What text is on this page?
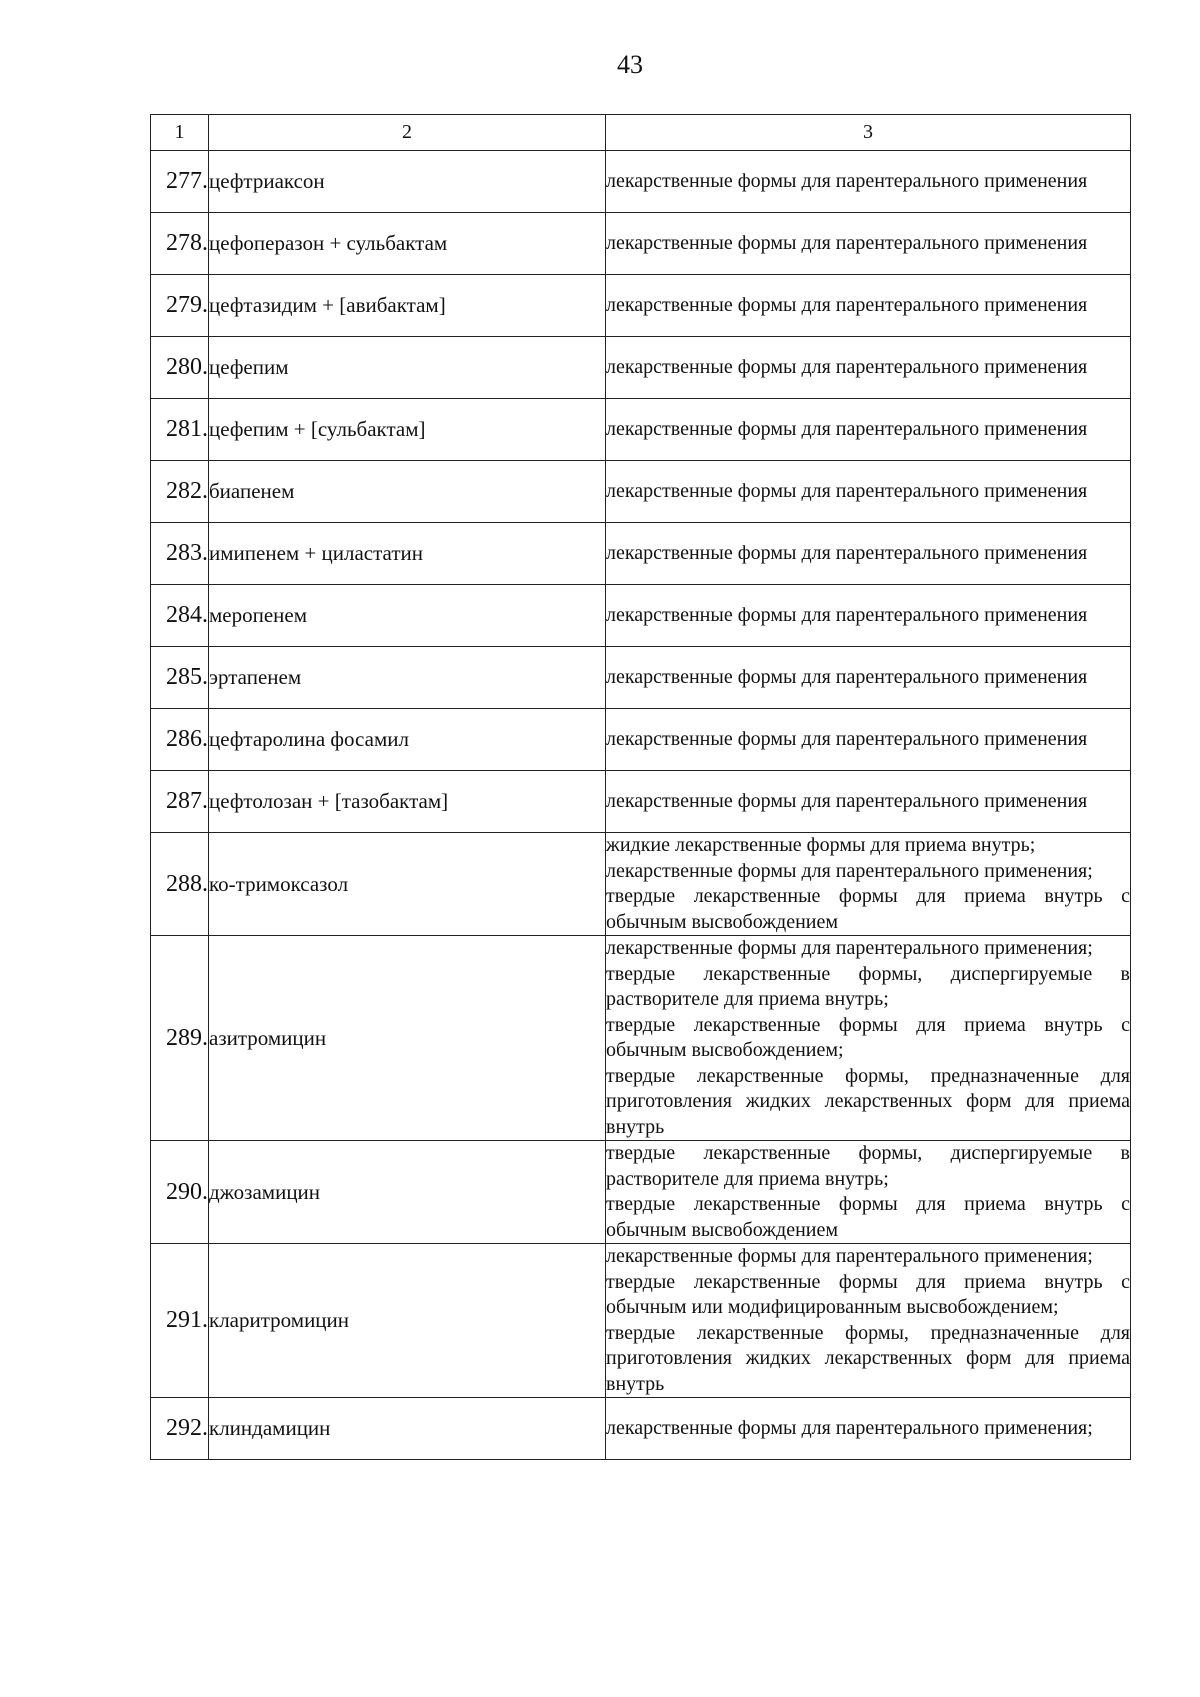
43
1	2	3
277.	цефтриаксон	лекарственные формы для парентерального применения

278.	цефоперазон + сульбактам	лекарственные формы для парентерального применения

279.	цефтазидим + [авибактам]	лекарственные формы для парентерального применения

280.	цефепим	лекарственные формы для парентерального применения

281.	цефепим + [сульбактам]	лекарственные формы для парентерального применения

282.	биапенем	лекарственные формы для парентерального применения

283.	имипенем + циластатин	лекарственные формы для парентерального применения

284.	меропенем	лекарственные формы для парентерального применения

285.	эртапенем	лекарственные формы для парентерального применения

286.	цефтаролина фосамил	лекарственные формы для парентерального применения

287.	цефтолозан + [тазобактам]	лекарственные формы для парентерального применения

288.	ко-тримоксазол	жидкие лекарственные формы для приема внутрь;
лекарственные формы для парентерального применения;
твердые лекарственные формы для приема внутрь с обычным высвобождением

289.	азитромицин	лекарственные формы для парентерального применения;
твердые лекарственные формы, диспергируемые в растворителе для приема внутрь;
твердые лекарственные формы для приема внутрь с обычным высвобождением;
твердые лекарственные формы, предназначенные для приготовления жидких лекарственных форм для приема внутрь

290.	джозамицин	твердые лекарственные формы, диспергируемые в растворителе для приема внутрь;
твердые лекарственные формы для приема внутрь с обычным высвобождением

291.	кларитромицин	лекарственные формы для парентерального применения;
твердые лекарственные формы для приема внутрь с обычным или модифицированным высвобождением;
твердые лекарственные формы, предназначенные для приготовления жидких лекарственных форм для приема внутрь

292.	клиндамицин	лекарственные формы для парентерального применения;
